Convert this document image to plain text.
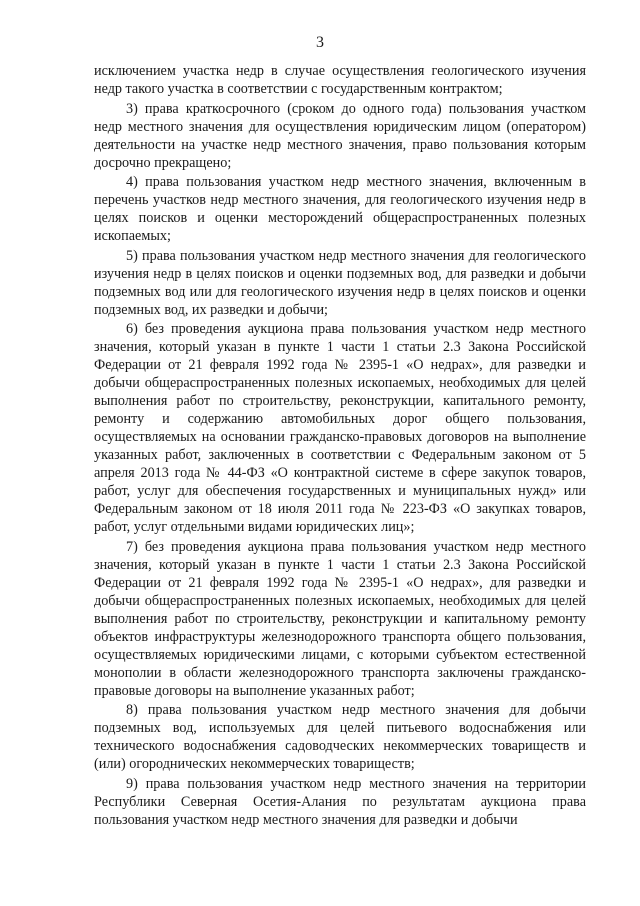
3

исключением участка недр в случае осуществления геологического изучения недр такого участка в соответствии с государственным контрактом;

3) права краткосрочного (сроком до одного года) пользования участком недр местного значения для осуществления юридическим лицом (оператором) деятельности на участке недр местного значения, право пользования которым досрочно прекращено;

4) права пользования участком недр местного значения, включенным в перечень участков недр местного значения, для геологического изучения недр в целях поисков и оценки месторождений общераспространенных полезных ископаемых;

5) права пользования участком недр местного значения для геологического изучения недр в целях поисков и оценки подземных вод, для разведки и добычи подземных вод или для геологического изучения недр в целях поисков и оценки подземных вод, их разведки и добычи;

6) без проведения аукциона права пользования участком недр местного значения, который указан в пункте 1 части 1 статьи 2.3 Закона Российской Федерации от 21 февраля 1992 года № 2395-1 «О недрах», для разведки и добычи общераспространенных полезных ископаемых, необходимых для целей выполнения работ по строительству, реконструкции, капитального ремонту, ремонту и содержанию автомобильных дорог общего пользования, осуществляемых на основании гражданско-правовых договоров на выполнение указанных работ, заключенных в соответствии с Федеральным законом от 5 апреля 2013 года № 44-ФЗ «О контрактной системе в сфере закупок товаров, работ, услуг для обеспечения государственных и муниципальных нужд» или Федеральным законом от 18 июля 2011 года № 223-ФЗ «О закупках товаров, работ, услуг отдельными видами юридических лиц»;

7) без проведения аукциона права пользования участком недр местного значения, который указан в пункте 1 части 1 статьи 2.3 Закона Российской Федерации от 21 февраля 1992 года № 2395-1 «О недрах», для разведки и добычи общераспространенных полезных ископаемых, необходимых для целей выполнения работ по строительству, реконструкции и капитальному ремонту объектов инфраструктуры железнодорожного транспорта общего пользования, осуществляемых юридическими лицами, с которыми субъектом естественной монополии в области железнодорожного транспорта заключены гражданско-правовые договоры на выполнение указанных работ;

8) права пользования участком недр местного значения для добычи подземных вод, используемых для целей питьевого водоснабжения или технического водоснабжения садоводческих некоммерческих товариществ и (или) огороднических некоммерческих товариществ;

9) права пользования участком недр местного значения на территории Республики Северная Осетия-Алания по результатам аукциона права пользования участком недр местного значения для разведки и добычи
